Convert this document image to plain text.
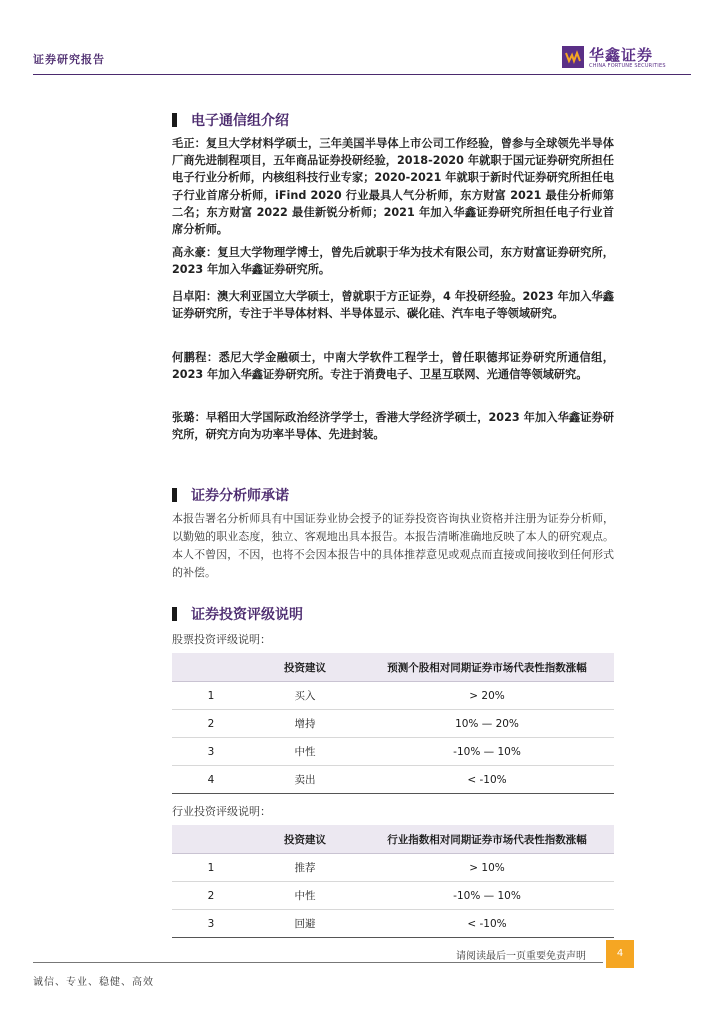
证券研究报告	华鑫证券
CHINA FORTUNE SECURITIES
电子通信组介绍
毛正：复旦大学材料学硕士，三年美国半导体上市公司工作经验，曾参与全球领先半导体厂商先进制程项目，五年商品证券投研经验，2018-2020 年就职于国元证券研究所担任电子行业分析师，内核组科技行业专家；2020-2021 年就职于新时代证券研究所担任电子行业首席分析师，iFind 2020 行业最具人气分析师，东方财富 2021 最佳分析师第二名；东方财富 2022 最佳新锐分析师；2021 年加入华鑫证券研究所担任电子行业首席分析师。
高永豪：复旦大学物理学博士，曾先后就职于华为技术有限公司，东方财富证券研究所，2023 年加入华鑫证券研究所。
吕卓阳：澳大利亚国立大学硕士，曾就职于方正证券，4 年投研经验。2023 年加入华鑫证券研究所，专注于半导体材料、半导体显示、碳化硅、汽车电子等领域研究。
何鹏程：悉尼大学金融硕士，中南大学软件工程学士，曾任职德邦证券研究所通信组，2023 年加入华鑫证券研究所。专注于消费电子、卫星互联网、光通信等领域研究。
张璐：早稻田大学国际政治经济学学士，香港大学经济学硕士，2023 年加入华鑫证券研究所，研究方向为功率半导体、先进封装。
证券分析师承诺
本报告署名分析师具有中国证券业协会授予的证券投资咨询执业资格并注册为证券分析师，以勤勉的职业态度，独立、客观地出具本报告。本报告清晰准确地反映了本人的研究观点。本人不曾因，不因，也将不会因本报告中的具体推荐意见或观点而直接或间接收到任何形式的补偿。
证券投资评级说明
股票投资评级说明：
	投资建议	预测个股相对同期证券市场代表性指数涨幅
1	买入	> 20%
2	增持	10% — 20%
3	中性	-10% — 10%
4	卖出	< -10%
行业投资评级说明：
	投资建议	行业指数相对同期证券市场代表性指数涨幅
1	推荐	> 10%
2	中性	-10% — 10%
3	回避	< -10%
请阅读最后一页重要免责声明	4
诚信、专业、稳健、高效
